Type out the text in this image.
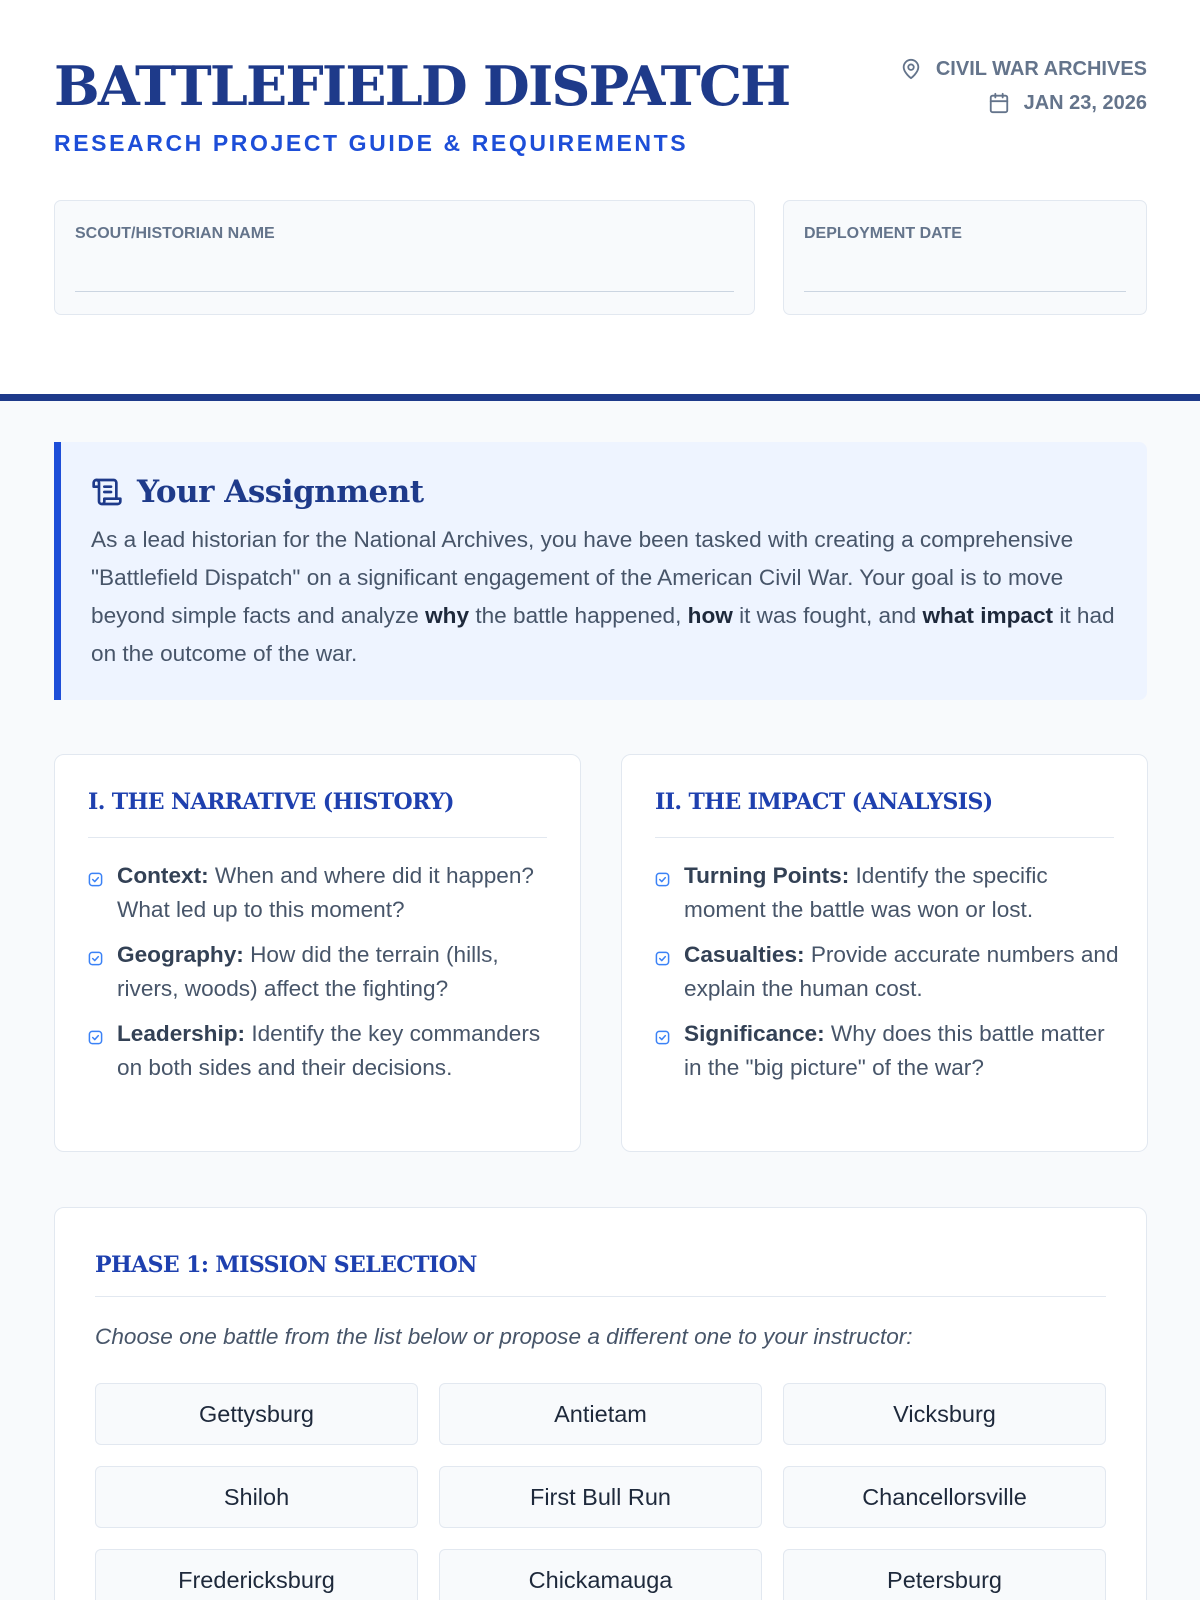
BATTLEFIELD DISPATCH
RESEARCH PROJECT GUIDE & REQUIREMENTS
CIVIL WAR ARCHIVES
JAN 23, 2026
SCOUT/HISTORIAN NAME	DEPLOYMENT DATE
Your Assignment

As a lead historian for the National Archives, you have been tasked with creating a comprehensive "Battlefield Dispatch" on a significant engagement of the American Civil War. Your goal is to move beyond simple facts and analyze why the battle happened, how it was fought, and what impact it had on the outcome of the war.

I. THE NARRATIVE (HISTORY)
Context: When and where did it happen? What led up to this moment?
Geography: How did the terrain (hills, rivers, woods) affect the fighting?
Leadership: Identify the key commanders on both sides and their decisions.
II. THE IMPACT (ANALYSIS)
Turning Points: Identify the specific moment the battle was won or lost.
Casualties: Provide accurate numbers and explain the human cost.
Significance: Why does this battle matter in the "big picture" of the war?
PHASE 1: MISSION SELECTION

Choose one battle from the list below or propose a different one to your instructor:

Gettysburg	Antietam	Vicksburg
Shiloh	First Bull Run	Chancellorsville
Fredericksburg	Chickamauga	Petersburg
